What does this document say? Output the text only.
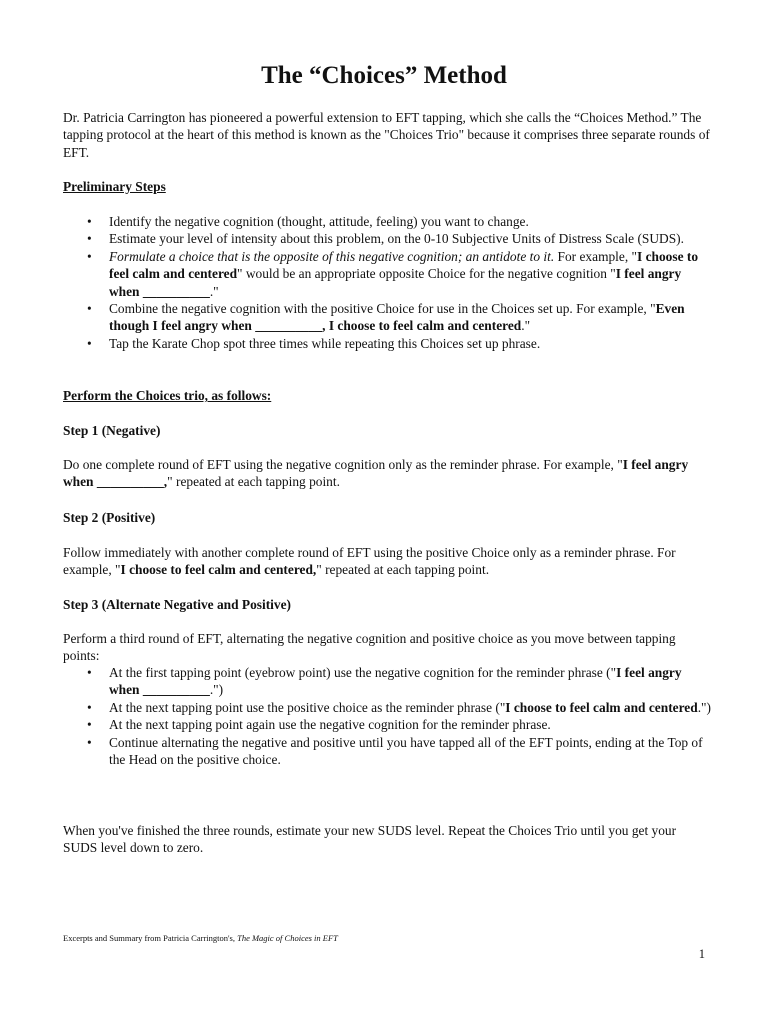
The “Choices” Method

Dr. Patricia Carrington has pioneered a powerful extension to EFT tapping, which she calls the “Choices Method.” The tapping protocol at the heart of this method is known as the "Choices Trio" because it comprises three separate rounds of EFT.

Preliminary Steps

• Identify the negative cognition (thought, attitude, feeling) you want to change.
• Estimate your level of intensity about this problem, on the 0-10 Subjective Units of Distress Scale (SUDS).
• Formulate a choice that is the opposite of this negative cognition; an antidote to it. For example, "I choose to feel calm and centered" would be an appropriate opposite Choice for the negative cognition "I feel angry when __________."
• Combine the negative cognition with the positive Choice for use in the Choices set up. For example, "Even though I feel angry when __________, I choose to feel calm and centered."
• Tap the Karate Chop spot three times while repeating this Choices set up phrase.

Perform the Choices trio, as follows:

Step 1 (Negative)

Do one complete round of EFT using the negative cognition only as the reminder phrase. For example, "I feel angry when __________," repeated at each tapping point.

Step 2 (Positive)

Follow immediately with another complete round of EFT using the positive Choice only as a reminder phrase. For example, "I choose to feel calm and centered," repeated at each tapping point.

Step 3 (Alternate Negative and Positive)

Perform a third round of EFT, alternating the negative cognition and positive choice as you move between tapping points:

• At the first tapping point (eyebrow point) use the negative cognition for the reminder phrase ("I feel angry when __________.")
• At the next tapping point use the positive choice as the reminder phrase ("I choose to feel calm and centered.")
• At the next tapping point again use the negative cognition for the reminder phrase.
• Continue alternating the negative and positive until you have tapped all of the EFT points, ending at the Top of the Head on the positive choice.

When you've finished the three rounds, estimate your new SUDS level. Repeat the Choices Trio until you get your SUDS level down to zero.

Excerpts and Summary from Patricia Carrington's, The Magic of Choices in EFT
1
